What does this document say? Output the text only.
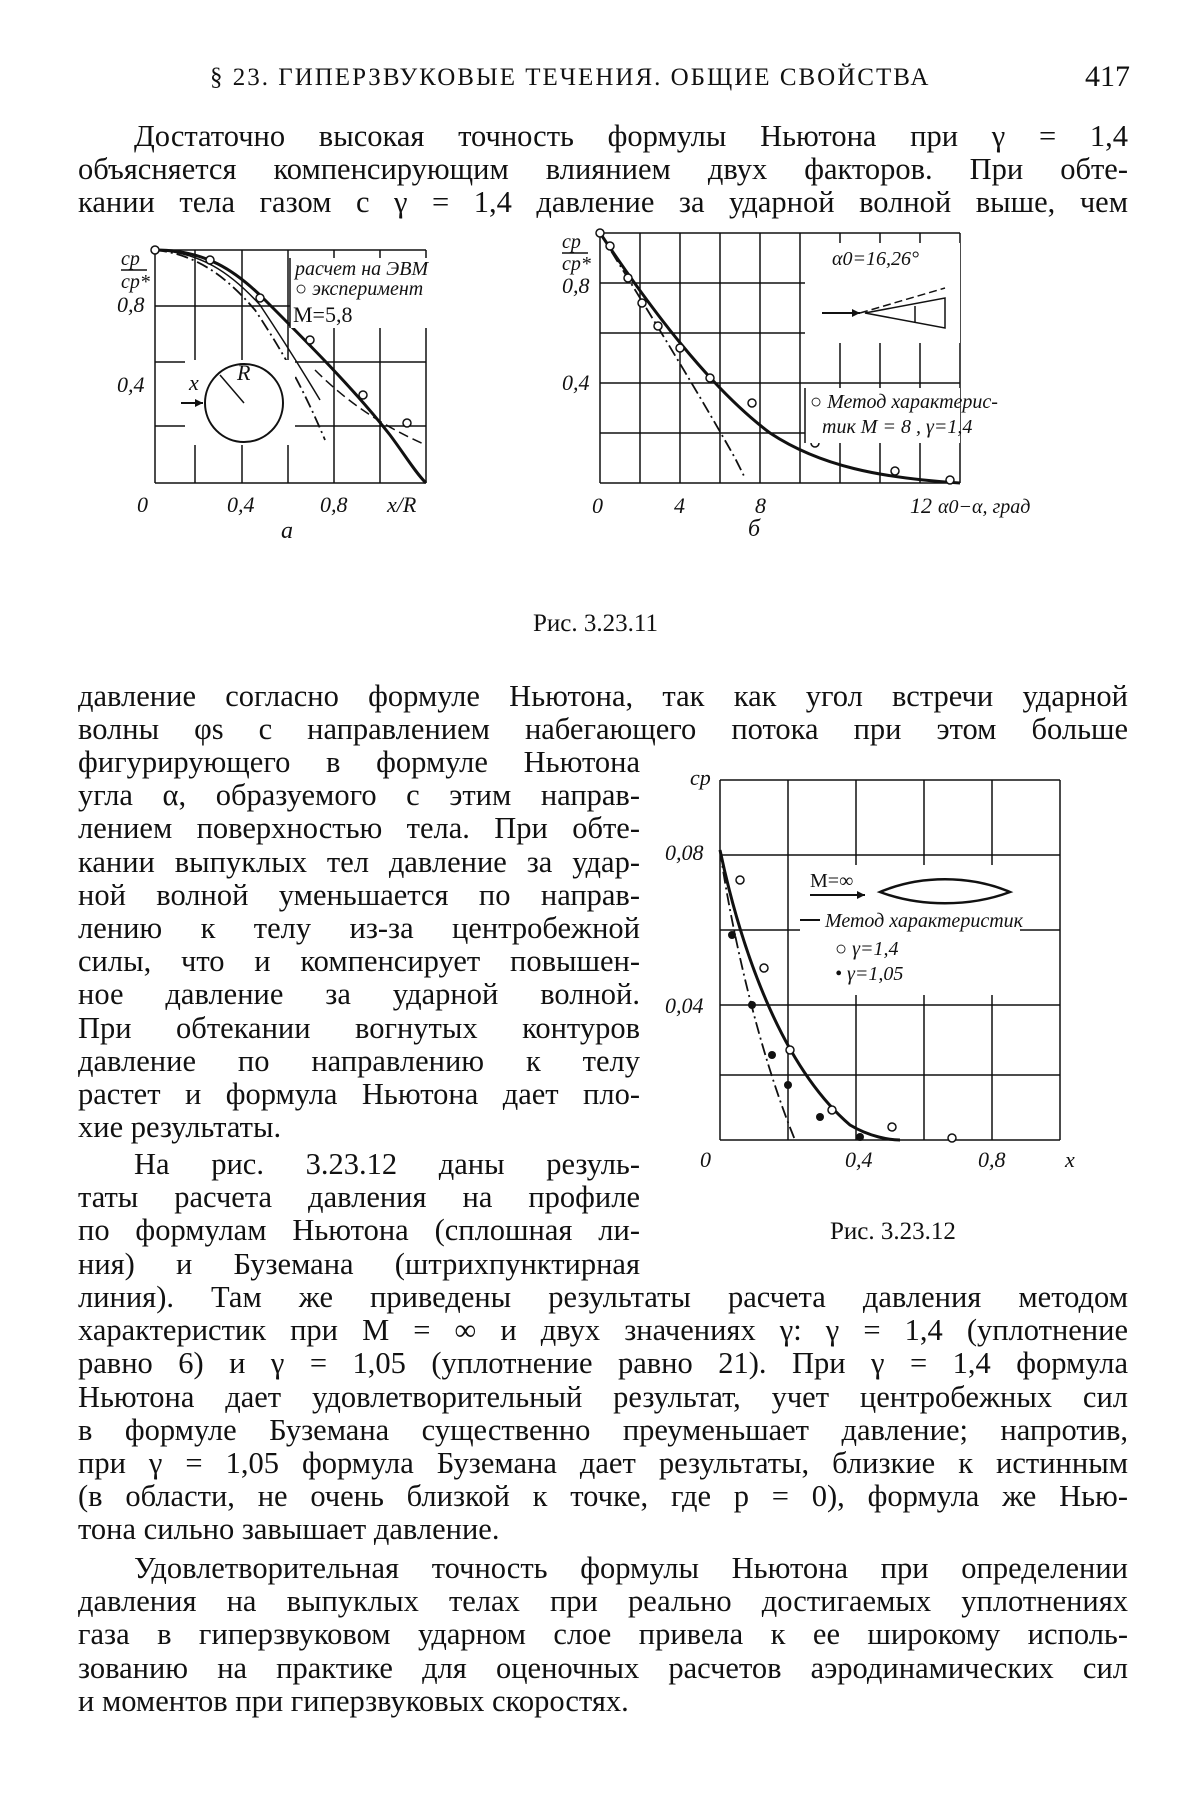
§ 23. ГИПЕРЗВУКОВЫЕ ТЕЧЕНИЯ. ОБЩИЕ СВОЙСТВА	417
Достаточно высокая точность формулы Ньютона при γ = 1,4
объясняется компенсирующим влиянием двух факторов. При обте-
кании тела газом с γ = 1,4 давление за ударной волной выше, чем
расчет на ЭВМ
○ эксперимент
M=5,8
x R
cp
cp*
0,8
0,4
0	0,4	0,8 x/R
а
α0=16,26°
○ Метод характерис-
тик M = 8 , γ=1,4
cp
cp*
0,8
0,4
0	4	8	12 α0−α, град
б
Рис. 3.23.11
давление согласно формуле Ньютона, так как угол встречи ударной
волны φs с направлением набегающего потока при этом больше
фигурирующего в формуле Ньютона
угла α, образуемого с этим направ-
лением поверхностью тела. При обте-
кании выпуклых тел давление за удар-
ной волной уменьшается по направ-
лению к телу из-за центробежной
силы, что и компенсирует повышен-
ное давление за ударной волной.
При обтекании вогнутых контуров
давление по направлению к телу
растет и формула Ньютона дает пло-
хие результаты.
На рис. 3.23.12 даны резуль-
таты расчета давления на профиле
по формулам Ньютона (сплошная ли-
ния) и Буземана (штрихпунктирная
M=∞
Метод характеристик
○ γ=1,4
• γ=1,05
cp
0,08
0,04
0	0,4	0,8	x
Рис. 3.23.12
линия). Там же приведены результаты расчета давления методом
характеристик при M = ∞ и двух значениях γ: γ = 1,4 (уплотнение
равно 6) и γ = 1,05 (уплотнение равно 21). При γ = 1,4 формула
Ньютона дает удовлетворительный результат, учет центробежных сил
в формуле Буземана существенно преуменьшает давление; напротив,
при γ = 1,05 формула Буземана дает результаты, близкие к истинным
(в области, не очень близкой к точке, где p = 0), формула же Нью-
тона сильно завышает давление.
Удовлетворительная точность формулы Ньютона при определении
давления на выпуклых телах при реально достигаемых уплотнениях
газа в гиперзвуковом ударном слое привела к ее широкому исполь-
зованию на практике для оценочных расчетов аэродинамических сил
и моментов при гиперзвуковых скоростях.
